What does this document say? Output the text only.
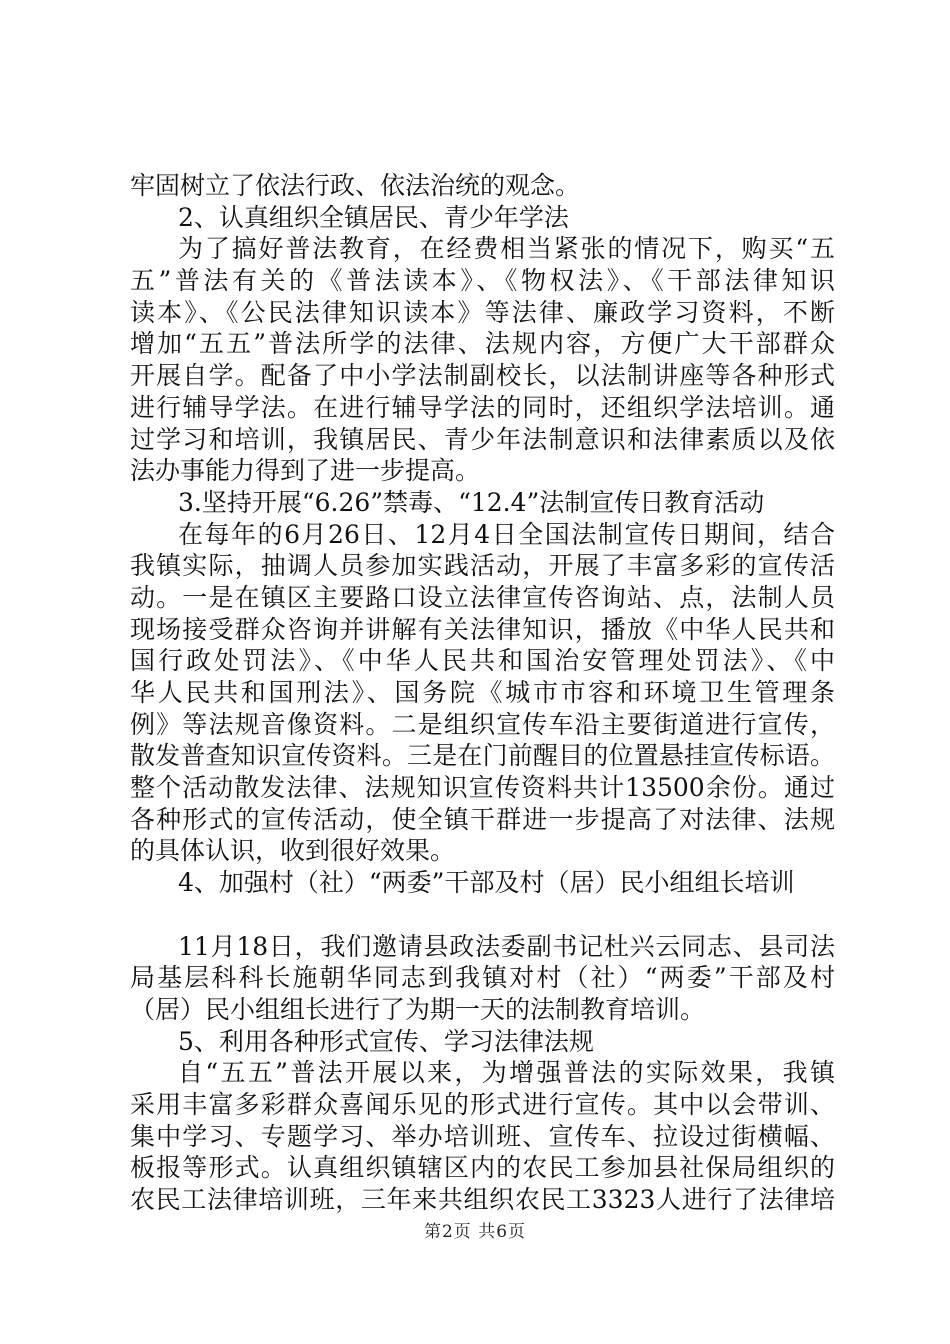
牢固树立了依法行政、依法治统的观念。
2、认真组织全镇居民、青少年学法
为了搞好普法教育，在经费相当紧张的情况下，购买“五
五”普法有关的《普法读本》、《物权法》、《干部法律知识
读本》、《公民法律知识读本》等法律、廉政学习资料，不断
增加“五五”普法所学的法律、法规内容，方便广大干部群众
开展自学。配备了中小学法制副校长，以法制讲座等各种形式
进行辅导学法。在进行辅导学法的同时，还组织学法培训。通
过学习和培训，我镇居民、青少年法制意识和法律素质以及依
法办事能力得到了进一步提高。
3.坚持开展“6.26”禁毒、“12.4”法制宣传日教育活动
在每年的6月26日、12月4日全国法制宣传日期间，结合
我镇实际，抽调人员参加实践活动，开展了丰富多彩的宣传活
动。一是在镇区主要路口设立法律宣传咨询站、点，法制人员
现场接受群众咨询并讲解有关法律知识，播放《中华人民共和
国行政处罚法》、《中华人民共和国治安管理处罚法》、《中
华人民共和国刑法》、国务院《城市市容和环境卫生管理条
例》等法规音像资料。二是组织宣传车沿主要街道进行宣传，
散发普查知识宣传资料。三是在门前醒目的位置悬挂宣传标语。
整个活动散发法律、法规知识宣传资料共计13500余份。通过
各种形式的宣传活动，使全镇干群进一步提高了对法律、法规
的具体认识，收到很好效果。
4、加强村（社）“两委”干部及村（居）民小组组长培训
11月18日，我们邀请县政法委副书记杜兴云同志、县司法
局基层科科长施朝华同志到我镇对村（社）“两委”干部及村
（居）民小组组长进行了为期一天的法制教育培训。
5、利用各种形式宣传、学习法律法规
自“五五”普法开展以来，为增强普法的实际效果，我镇
采用丰富多彩群众喜闻乐见的形式进行宣传。其中以会带训、
集中学习、专题学习、举办培训班、宣传车、拉设过街横幅、
板报等形式。认真组织镇辖区内的农民工参加县社保局组织的
农民工法律培训班，三年来共组织农民工3323人进行了法律培
第2页 共6页
